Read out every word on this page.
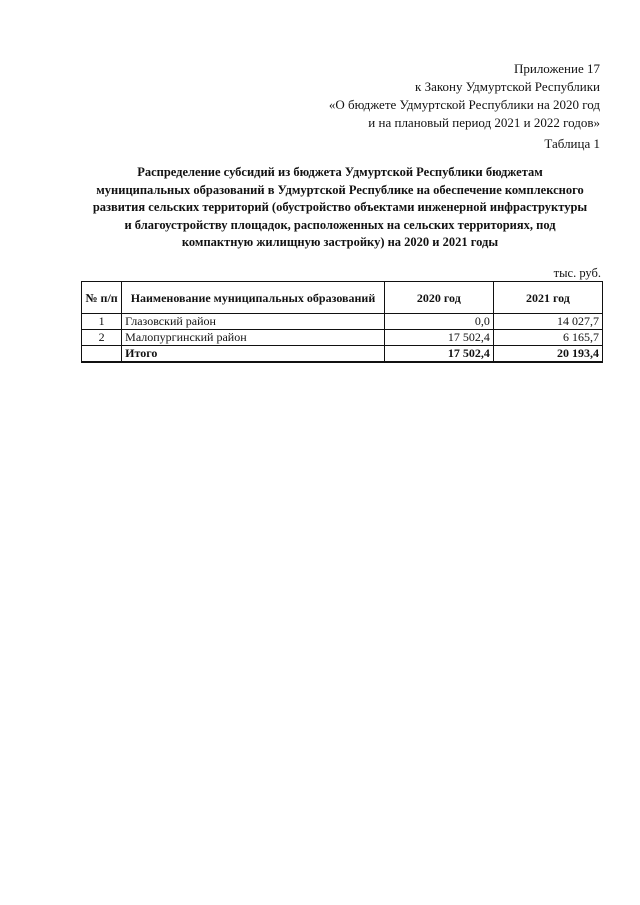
Приложение 17
к Закону Удмуртской Республики
«О бюджете Удмуртской Республики на 2020 год
и на плановый период 2021 и 2022 годов»
Таблица 1
Распределение субсидий из бюджета Удмуртской Республики бюджетам
муниципальных образований в Удмуртской Республике на обеспечение комплексного
развития сельских территорий (обустройство объектами инженерной инфраструктуры
и благоустройству площадок, расположенных на сельских территориях, под
компактную жилищную застройку) на 2020 и 2021 годы
тыс. руб.
№ п/п	Наименование муниципальных образований	2020 год	2021 год
1	Глазовский район	0,0	14 027,7
2	Малопургинский район	17 502,4	6 165,7
	Итого	17 502,4	20 193,4
